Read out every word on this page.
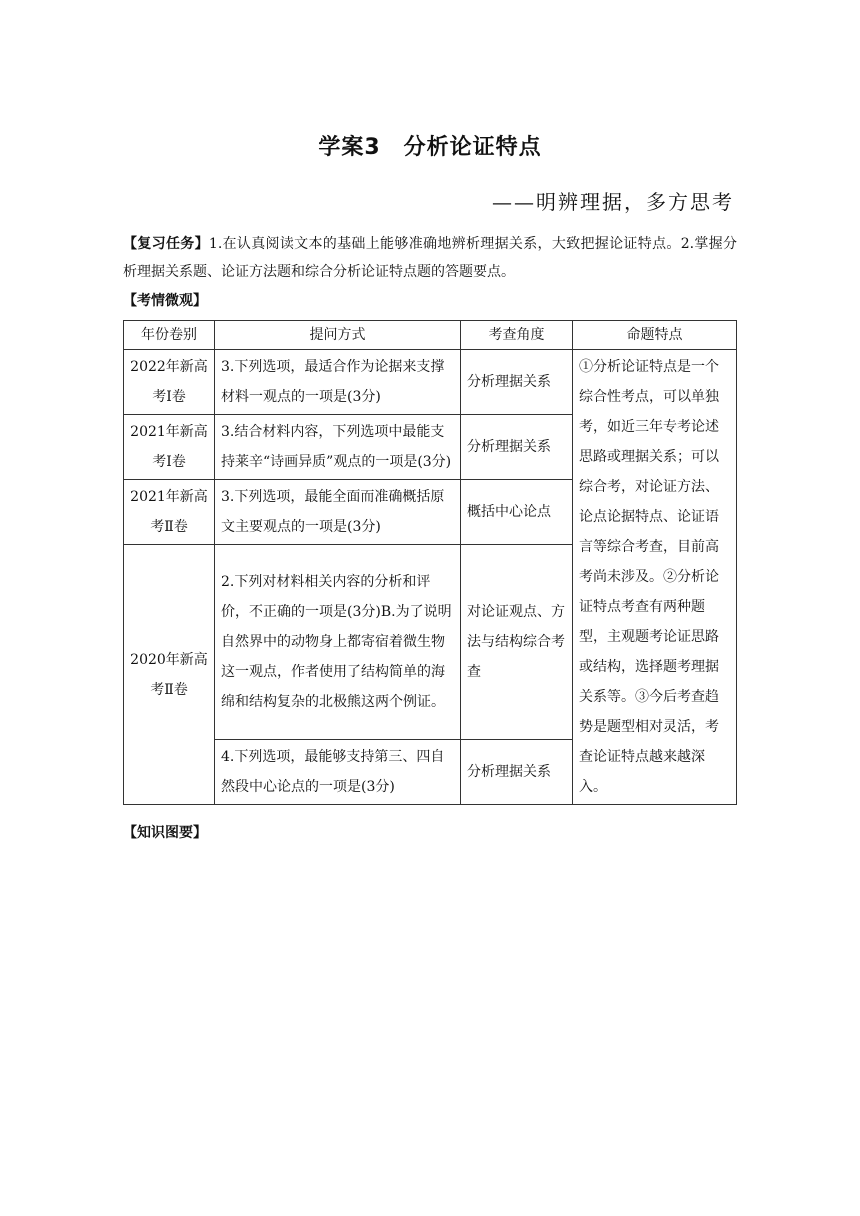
学案3　分析论证特点
——明辨理据，多方思考
【复习任务】1.在认真阅读文本的基础上能够准确地辨析理据关系，大致把握论证特点。2.掌握分析理据关系题、论证方法题和综合分析论证特点题的答题要点。
【考情微观】
年份卷别	提问方式	考查角度	命题特点
2022年新高考Ⅰ卷	3.下列选项，最适合作为论据来支撑材料一观点的一项是(3分)	分析理据关系	①分析论证特点是一个综合性考点，可以单独考，如近三年专考论述思路或理据关系；可以综合考，对论证方法、论点论据特点、论证语言等综合考查，目前高考尚未涉及。②分析论证特点考查有两种题型，主观题考论证思路或结构，选择题考理据关系等。③今后考查趋势是题型相对灵活，考查论证特点越来越深入。
2021年新高考Ⅰ卷	3.结合材料内容，下列选项中最能支持莱辛“诗画异质”观点的一项是(3分)	分析理据关系	
2021年新高考Ⅱ卷	3.下列选项，最能全面而准确概括原文主要观点的一项是(3分)	概括中心论点	
2020年新高考Ⅱ卷	2.下列对材料相关内容的分析和评价，不正确的一项是(3分)B.为了说明自然界中的动物身上都寄宿着微生物这一观点，作者使用了结构简单的海绵和结构复杂的北极熊这两个例证。	对论证观点、方法与结构综合考查	
	4.下列选项，最能够支持第三、四自然段中心论点的一项是(3分)	分析理据关系	
【知识图要】
